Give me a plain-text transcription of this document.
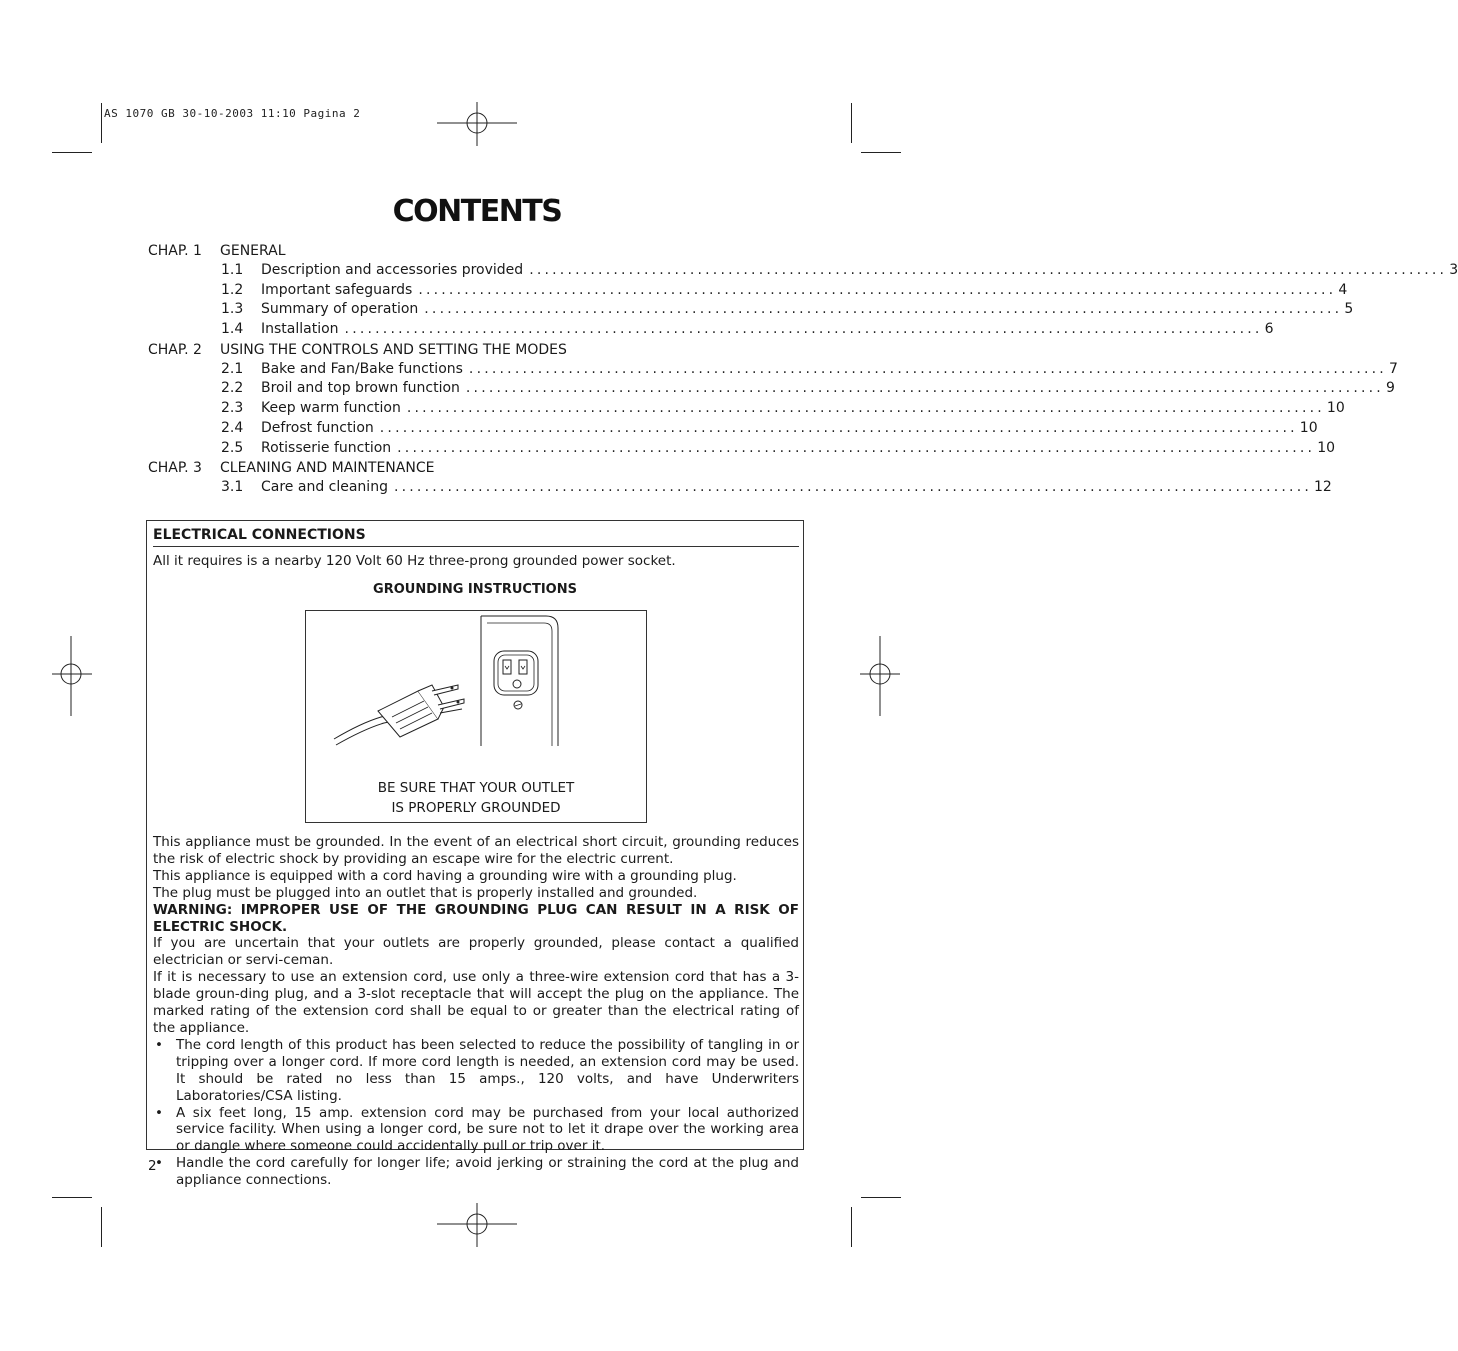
AS 1070 GB 30-10-2003 11:10 Pagina 2
CONTENTS
CHAP. 1 GENERAL
1.1	Description and accessories provided ........................................................................................................................ 3
1.2	Important safeguards ........................................................................................................................ 4
1.3	Summary of operation ........................................................................................................................ 5
1.4	Installation ........................................................................................................................ 6
CHAP. 2 USING THE CONTROLS AND SETTING THE MODES
2.1	Bake and Fan/Bake functions ........................................................................................................................ 7
2.2	Broil and top brown function ........................................................................................................................ 9
2.3	Keep warm function ........................................................................................................................ 10
2.4	Defrost function ........................................................................................................................ 10
2.5	Rotisserie function ........................................................................................................................ 10
CHAP. 3 CLEANING AND MAINTENANCE
3.1	Care and cleaning ........................................................................................................................ 12
ELECTRICAL CONNECTIONS
All it requires is a nearby 120 Volt 60 Hz three-prong grounded power socket.
GROUNDING INSTRUCTIONS
BE SURE THAT YOUR OUTLET
IS PROPERLY GROUNDED

This appliance must be grounded. In the event of an electrical short circuit, grounding reduces the risk of electric shock by providing an escape wire for the electric current.

This appliance is equipped with a cord having a grounding wire with a grounding plug.

The plug must be plugged into an outlet that is properly installed and grounded.

WARNING: IMPROPER USE OF THE GROUNDING PLUG CAN RESULT IN A RISK OF ELECTRIC SHOCK.

If you are uncertain that your outlets are properly grounded, please contact a qualified electrician or servi-ceman.

If it is necessary to use an extension cord, use only a three-wire extension cord that has a 3-blade groun-ding plug, and a 3-slot receptacle that will accept the plug on the appliance. The marked rating of the extension cord shall be equal to or greater than the electrical rating of the appliance.

• The cord length of this product has been selected to reduce the possibility of tangling in or tripping over a longer cord. If more cord length is needed, an extension cord may be used. It should be rated no less than 15 amps., 120 volts, and have Underwriters Laboratories/CSA listing.
• A six feet long, 15 amp. extension cord may be purchased from your local authorized service facility. When using a longer cord, be sure not to let it drape over the working area or dangle where someone could accidentally pull or trip over it.
• Handle the cord carefully for longer life; avoid jerking or straining the cord at the plug and appliance connections.
2
